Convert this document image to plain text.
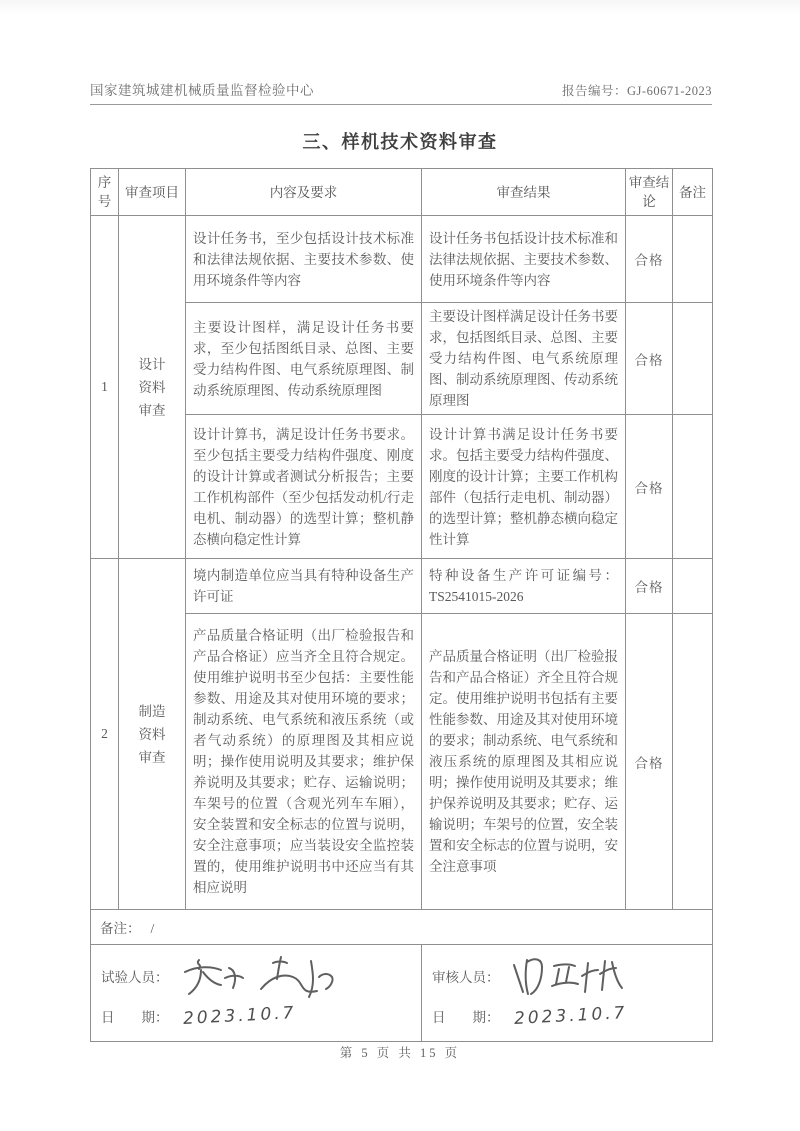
国家建筑城建机械质量监督检验中心	报告编号：GJ-60671-2023
三、样机技术资料审查
序号	审查项目	内容及要求	审查结果	审查结论	备注
1	设计资料审查	设计任务书，至少包括设计技术标准和法律法规依据、主要技术参数、使用环境条件等内容	设计任务书包括设计技术标准和法律法规依据、主要技术参数、使用环境条件等内容	合格	
		主要设计图样，满足设计任务书要求，至少包括图纸目录、总图、主要受力结构件图、电气系统原理图、制动系统原理图、传动系统原理图	主要设计图样满足设计任务书要求，包括图纸目录、总图、主要受力结构件图、电气系统原理图、制动系统原理图、传动系统原理图	合格	
		设计计算书，满足设计任务书要求。至少包括主要受力结构件强度、刚度的设计计算或者测试分析报告；主要工作机构部件（至少包括发动机/行走电机、制动器）的选型计算；整机静态横向稳定性计算	设计计算书满足设计任务书要求。包括主要受力结构件强度、刚度的设计计算；主要工作机构部件（包括行走电机、制动器）的选型计算；整机静态横向稳定性计算	合格	
2	制造资料审查	境内制造单位应当具有特种设备生产许可证	特种设备生产许可证编号：TS2541015-2026	合格	
		产品质量合格证明（出厂检验报告和产品合格证）应当齐全且符合规定。使用维护说明书至少包括：主要性能参数、用途及其对使用环境的要求；制动系统、电气系统和液压系统（或者气动系统）的原理图及其相应说明；操作使用说明及其要求；维护保养说明及其要求；贮存、运输说明；车架号的位置（含观光列车车厢），安全装置和安全标志的位置与说明，安全注意事项；应当装设安全监控装置的，使用维护说明书中还应当有其相应说明	产品质量合格证明（出厂检验报告和产品合格证）齐全且符合规定。使用维护说明书包括有主要性能参数、用途及其对使用环境的要求；制动系统、电气系统和液压系统的原理图及其相应说明；操作使用说明及其要求；维护保养说明及其要求；贮存、运输说明；车架号的位置，安全装置和安全标志的位置与说明，安全注意事项	合格	
备注： /					

试验人员：
日　　期： 2023.10.7

审核人员：
日　　期： 2023.10.7
第 5 页 共 15 页
